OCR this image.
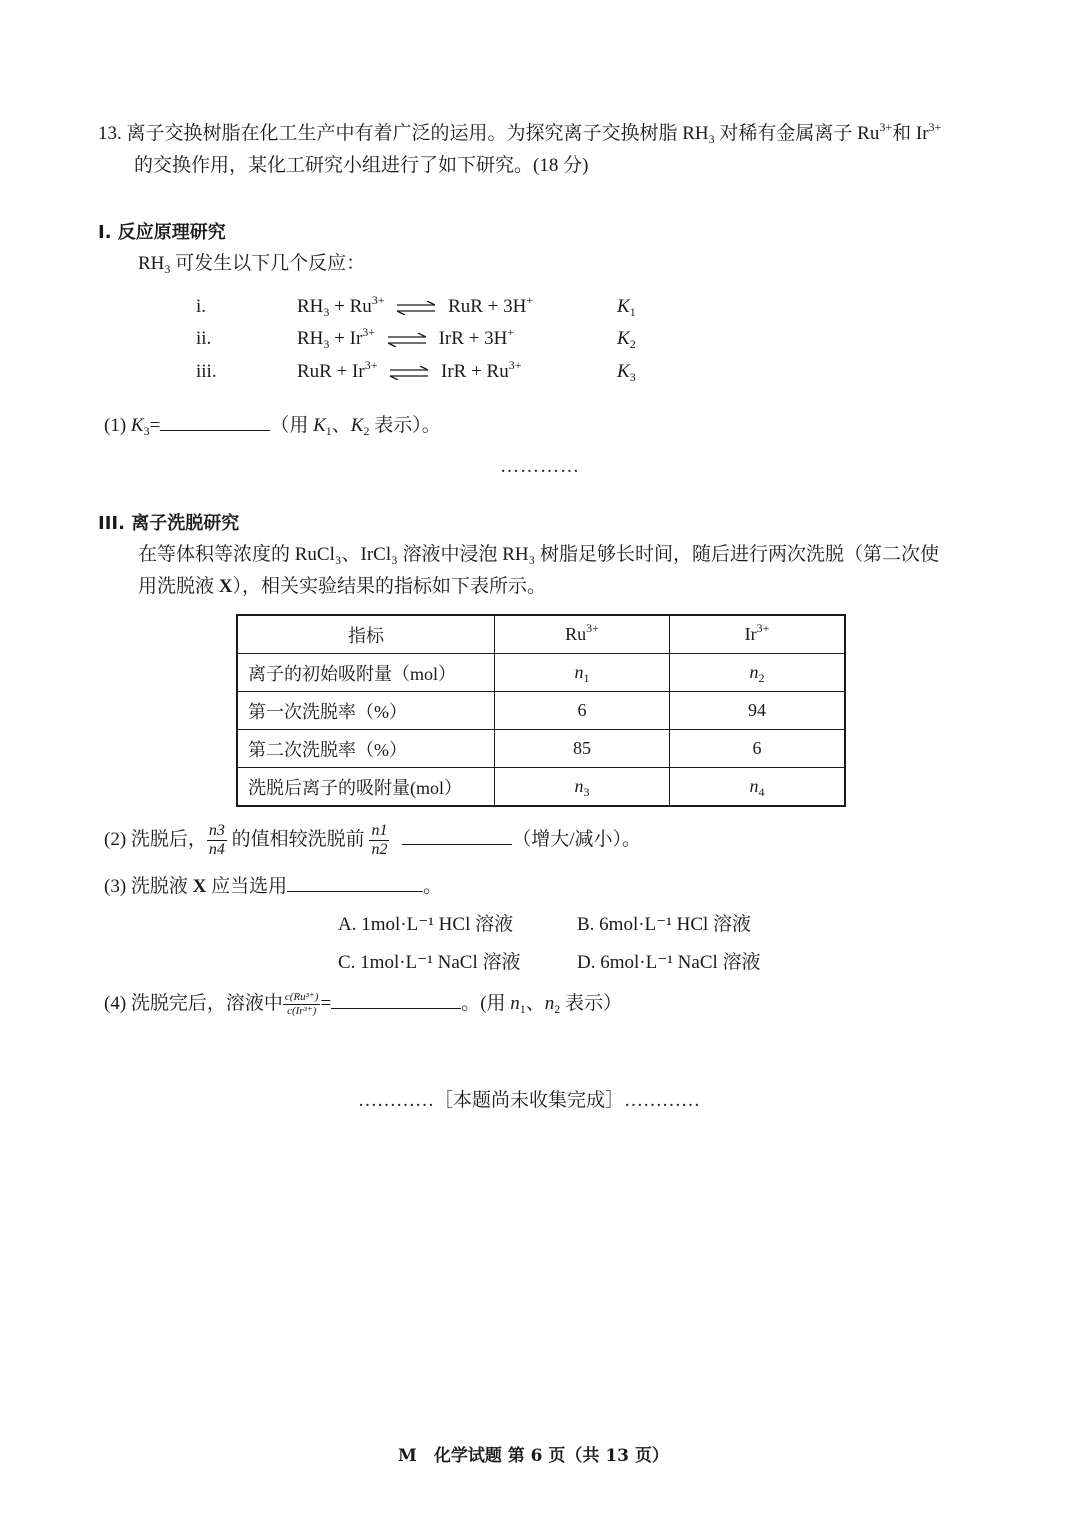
13. 离子交换树脂在化工生产中有着广泛的运用。为探究离子交换树脂 $RH_3$ 对稀有金属离子 $Ru^{3+}$和 $Ir^{3+}$
的交换作用，某化工研究小组进行了如下研究。(18 分)
I. 反应原理研究
$RH_3$ 可发生以下几个反应：
i.	$RH_3 + Ru^{3+}$ ⇌ RuR + 3H+	$K_1$
ii.	$RH_3 + Ir^{3+}$ ⇌ IrR + 3H+	$K_2$
iii.	RuR + $Ir^{3+}$ ⇌ IrR + $Ru^{3+}$	$K_3$
(1) $K_3=$	（用 $K_1$、$K_2$ 表示）。
…………
III. 离子洗脱研究
在等体积等浓度的 RuCl₃、IrCl₃ 溶液中浸泡 RH₃ 树脂足够长时间，随后进行两次洗脱（第二次使
用洗脱液 X），相关实验结果的指标如下表所示。
指标	$Ru^{3+}$	$Ir^{3+}$
离子的初始吸附量（mol）	$n_1$	$n_2$
第一次洗脱率（%）	6	94
第二次洗脱率（%）	85	6
洗脱后离子的吸附量(mol）	$n_3$	$n_4$
(2) 洗脱后， $\frac{n3}{n4}$ 的值相较洗脱前 $\frac{n1}{n2}$	（增大/减小）。
(3) 洗脱液 X 应当选用	。
A. 1mol·L⁻¹ HCl 溶液	B. 6mol·L⁻¹ HCl 溶液
C. 1mol·L⁻¹ NaCl 溶液	D. 6mol·L⁻¹ NaCl 溶液
(4) 洗脱完后，溶液中 $\frac{\text{c(Ru³⁺)}}{\text{c(Ir³⁺)}}$ =	。(用 $n_1$、$n_2$ 表示）
…………［本题尚未收集完成］…………
M　化学试题 第 6 页（共 13 页）
